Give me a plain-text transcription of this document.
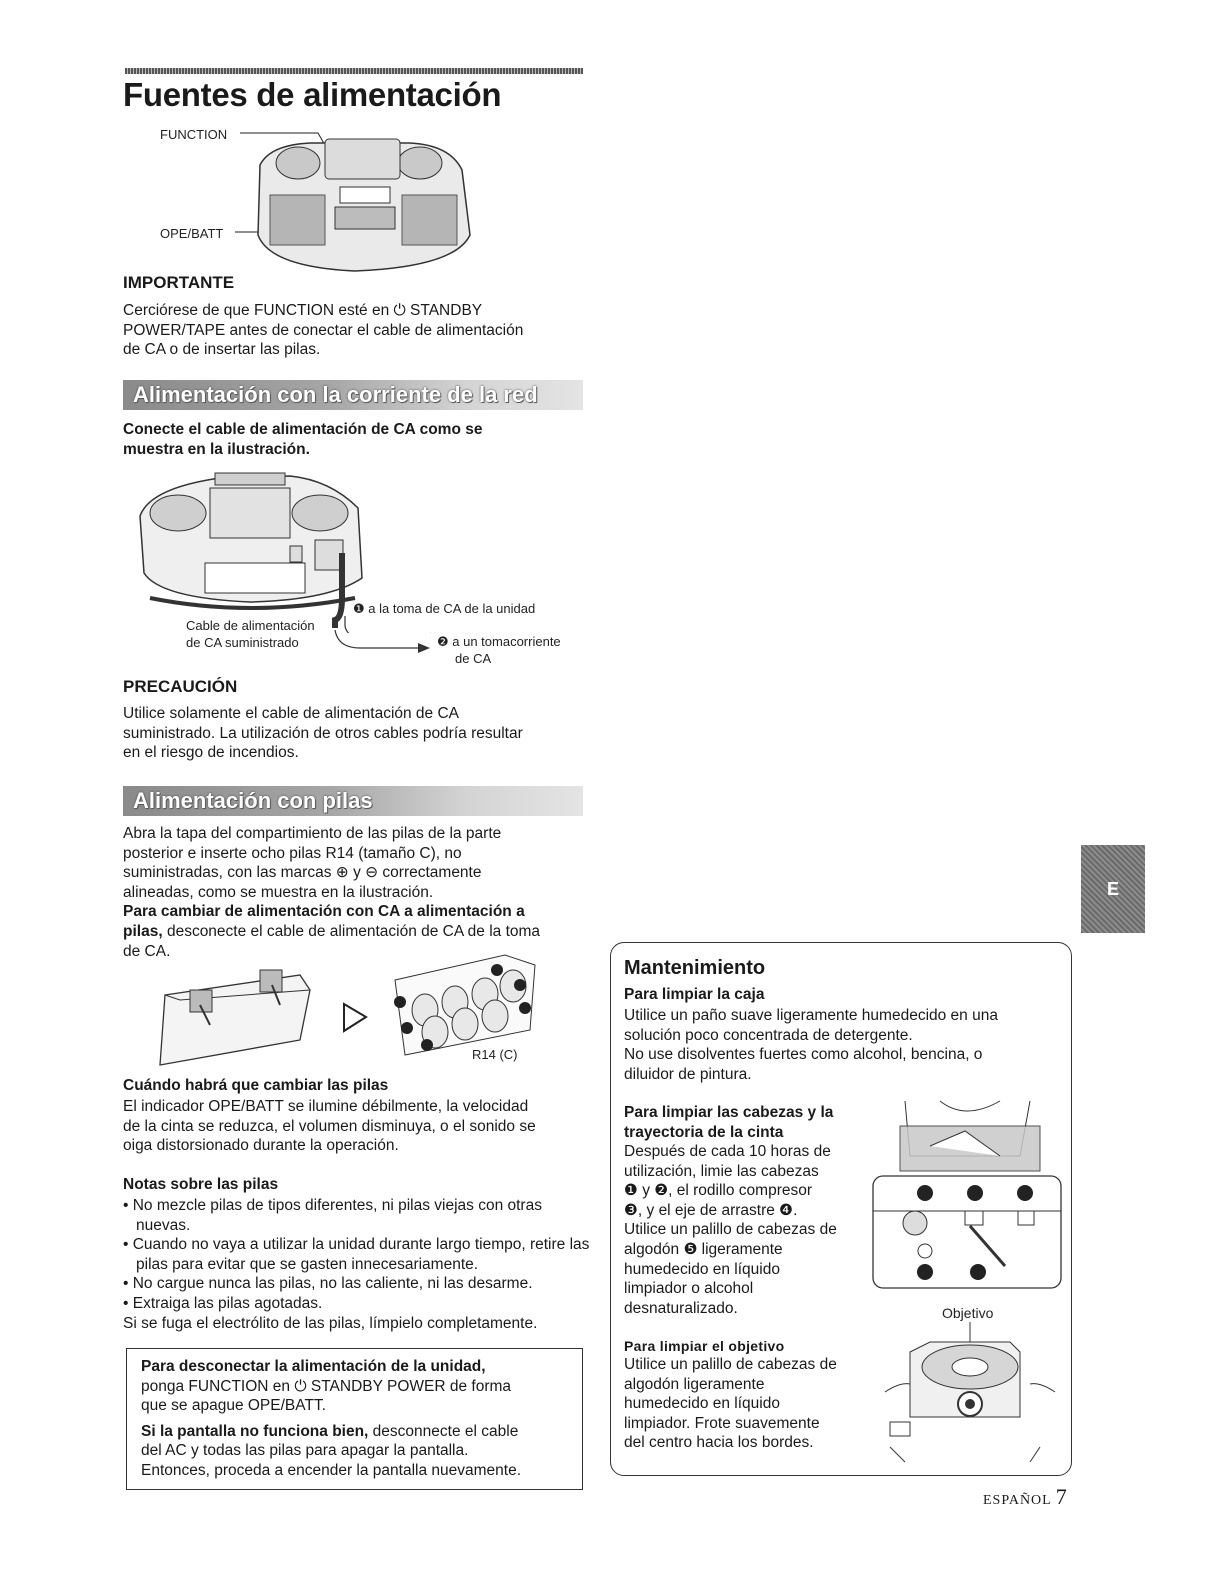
Fuentes de alimentación
FUNCTION
OPE/BATT
IMPORTANTE
Cerciórese de que FUNCTION esté en ⏻ STANDBY
POWER/TAPE antes de conectar el cable de alimentación
de CA o de insertar las pilas.
Alimentación con la corriente de la red
Conecte el cable de alimentación de CA como se
muestra en la ilustración.
❶ a la toma de CA de la unidad
Cable de alimentación
de CA suministrado	❷ a un tomacorriente
de CA
PRECAUCIÓN
Utilice solamente el cable de alimentación de CA
suministrado. La utilización de otros cables podría resultar
en el riesgo de incendios.
Alimentación con pilas
Abra la tapa del compartimiento de las pilas de la parte
posterior e inserte ocho pilas R14 (tamaño C), no
suministradas, con las marcas ⊕ y ⊖ correctamente
alineadas, como se muestra en la ilustración.
Para cambiar de alimentación con CA a alimentación a
pilas, desconecte el cable de alimentación de CA de la toma
de CA.
R14 (C)
Cuándo habrá que cambiar las pilas
El indicador OPE/BATT se ilumine débilmente, la velocidad
de la cinta se reduzca, el volumen disminuya, o el sonido se
oiga distorsionado durante la operación.
Notas sobre las pilas
• No mezcle pilas de tipos diferentes, ni pilas viejas con otras nuevas.
• Cuando no vaya a utilizar la unidad durante largo tiempo, retire las pilas para evitar que se gasten innecesariamente.
• No cargue nunca las pilas, no las caliente, ni las desarme.
• Extraiga las pilas agotadas.
Si se fuga el electrólito de las pilas, límpielo completamente.
Para desconectar la alimentación de la unidad,
ponga FUNCTION en ⏻ STANDBY POWER de forma
que se apague OPE/BATT.
Si la pantalla no funciona bien, desconnecte el cable
del AC y todas las pilas para apagar la pantalla.
Entonces, proceda a encender la pantalla nuevamente.
E
Mantenimiento
Para limpiar la caja
Utilice un paño suave ligeramente humedecido en una
solución poco concentrada de detergente.
No use disolventes fuertes como alcohol, bencina, o
diluidor de pintura.
Para limpiar las cabezas y la
trayectoria de la cinta
Después de cada 10 horas de
utilización, limie las cabezas
❶ y ❷, el rodillo compresor
❸, y el eje de arrastre ❹.
Utilice un palillo de cabezas de
algodón ❺ ligeramente
humedecido en líquido
limpiador o alcohol
desnaturalizado.	Objetivo
Para limpiar el objetivo
Utilice un palillo de cabezas de
algodón ligeramente
humedecido en líquido
limpiador. Frote suavemente
del centro hacia los bordes.
ESPAÑOL 7
